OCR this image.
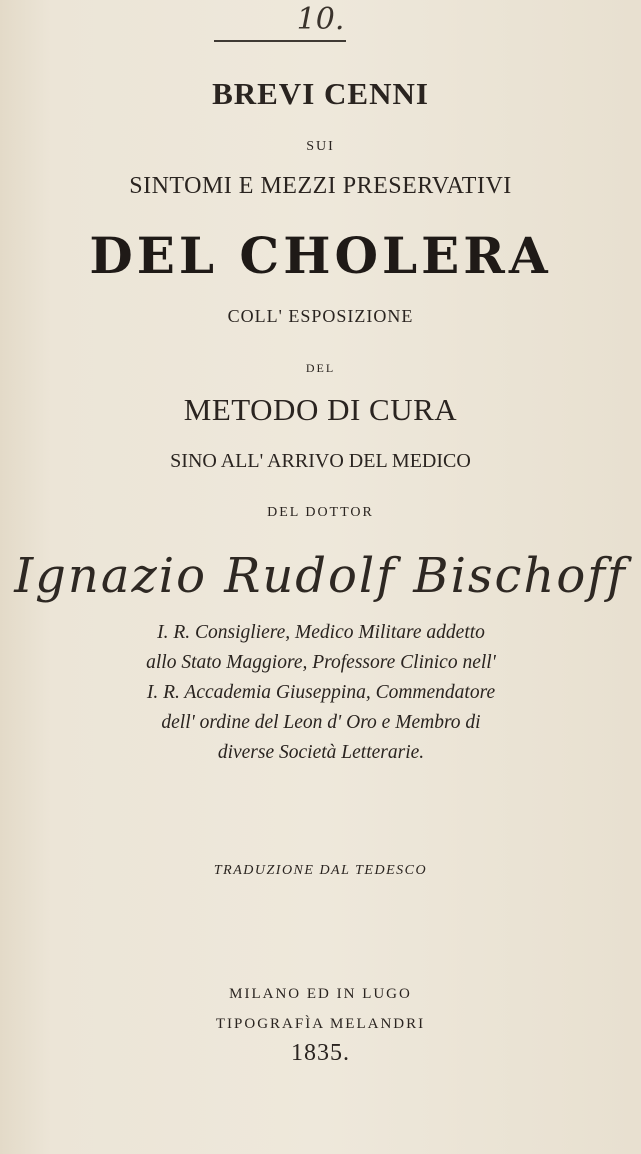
10.
BREVI CENNI
SUI
SINTOMI E MEZZI PRESERVATIVI
DEL CHOLERA
COLL' ESPOSIZIONE
DEL
METODO DI CURA
SINO ALL' ARRIVO DEL MEDICO
DEL DOTTOR
Ignazio Rudolf Bischoff
I. R. Consigliere, Medico Militare addetto
allo Stato Maggiore, Professore Clinico nell'
I. R. Accademia Giuseppina, Commendatore
dell' ordine del Leon d' Oro e Membro di
diverse Società Letterarie.
TRADUZIONE DAL TEDESCO
MILANO ED IN LUGO
TIPOGRAFÌA MELANDRI
1835.
